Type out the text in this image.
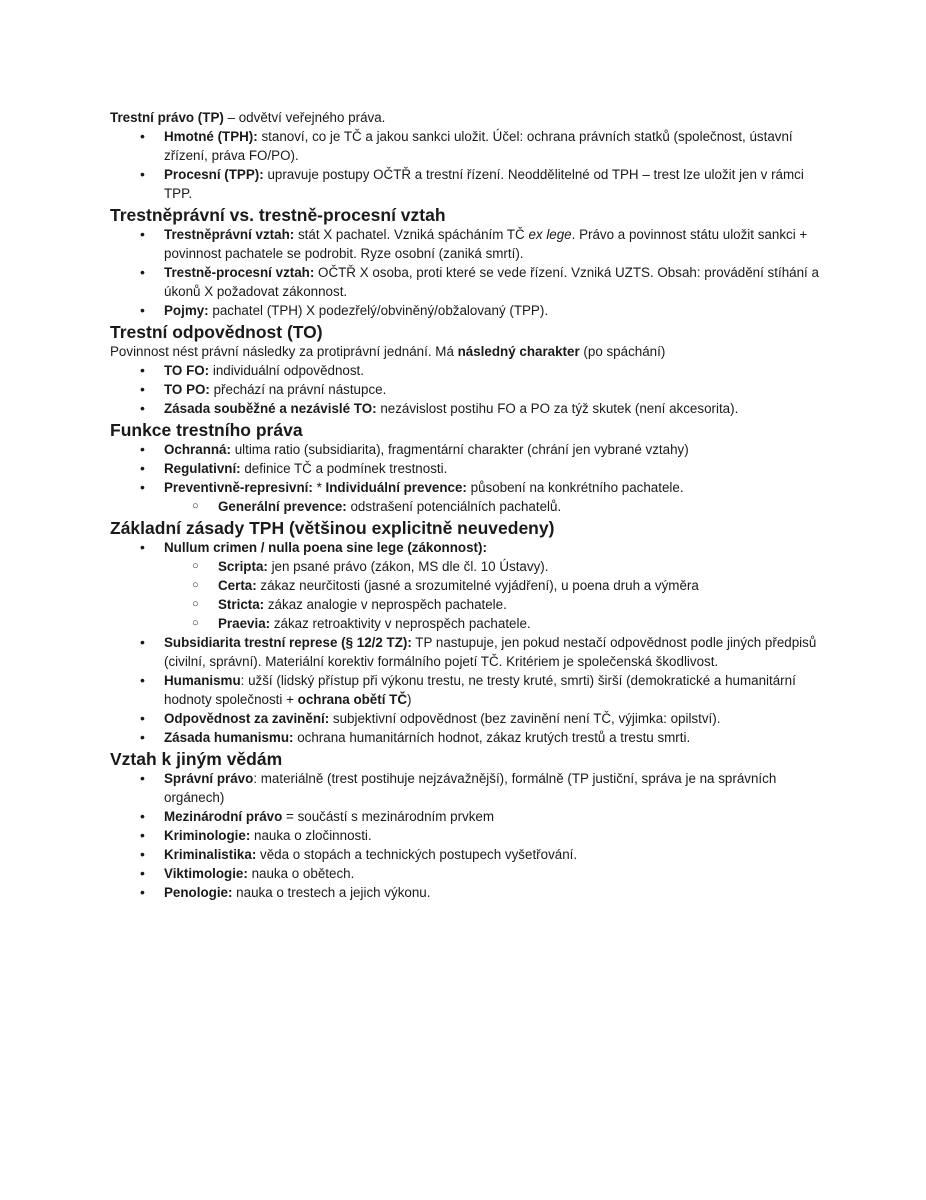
Trestní právo (TP) – odvětví veřejného práva.

• Hmotné (TPH): stanoví, co je TČ a jakou sankci uložit. Účel: ochrana právních statků (společnost, ústavní zřízení, práva FO/PO).
• Procesní (TPP): upravuje postupy OČTŘ a trestní řízení. Neoddělitelné od TPH – trest lze uložit jen v rámci TPP.
Trestněprávní vs. trestně-procesní vztah
• Trestněprávní vztah: stát X pachatel. Vzniká spácháním TČ ex lege. Právo a povinnost státu uložit sankci + povinnost pachatele se podrobit. Ryze osobní (zaniká smrtí).
• Trestně-procesní vztah: OČTŘ X osoba, proti které se vede řízení. Vzniká UZTS. Obsah: provádění stíhání a úkonů X požadovat zákonnost.
• Pojmy: pachatel (TPH) X podezřelý/obviněný/obžalovaný (TPP).
Trestní odpovědnost (TO)

Povinnost nést právní následky za protiprávní jednání. Má následný charakter (po spáchání)

• TO FO: individuální odpovědnost.
• TO PO: přechází na právní nástupce.
• Zásada souběžné a nezávislé TO: nezávislost postihu FO a PO za týž skutek (není akcesorita).
Funkce trestního práva
• Ochranná: ultima ratio (subsidiarita), fragmentární charakter (chrání jen vybrané vztahy)
• Regulativní: definice TČ a podmínek trestnosti.
• Preventivně-represivní: * Individuální prevence: působení na konkrétního pachatele.
○ Generální prevence: odstrašení potenciálních pachatelů.
Základní zásady TPH (většinou explicitně neuvedeny)
• Nullum crimen / nulla poena sine lege (zákonnost):
○ Scripta: jen psané právo (zákon, MS dle čl. 10 Ústavy).
○ Certa: zákaz neurčitosti (jasné a srozumitelné vyjádření), u poena druh a výměra
○ Stricta: zákaz analogie v neprospěch pachatele.
○ Praevia: zákaz retroaktivity v neprospěch pachatele.
• Subsidiarita trestní represe (§ 12/2 TZ): TP nastupuje, jen pokud nestačí odpovědnost podle jiných předpisů (civilní, správní). Materiální korektiv formálního pojetí TČ. Kritériem je společenská škodlivost.
• Humanismu: užší (lidský přístup při výkonu trestu, ne tresty kruté, smrti) širší (demokratické a humanitární hodnoty společnosti + ochrana obětí TČ)
• Odpovědnost za zavinění: subjektivní odpovědnost (bez zavinění není TČ, výjimka: opilství).
• Zásada humanismu: ochrana humanitárních hodnot, zákaz krutých trestů a trestu smrti.
Vztah k jiným vědám
• Správní právo: materiálně (trest postihuje nejzávažnější), formálně (TP justiční, správa je na správních orgánech)
• Mezinárodní právo = součástí s mezinárodním prvkem
• Kriminologie: nauka o zločinnosti.
• Kriminalistika: věda o stopách a technických postupech vyšetřování.
• Viktimologie: nauka o obětech.
• Penologie: nauka o trestech a jejich výkonu.
